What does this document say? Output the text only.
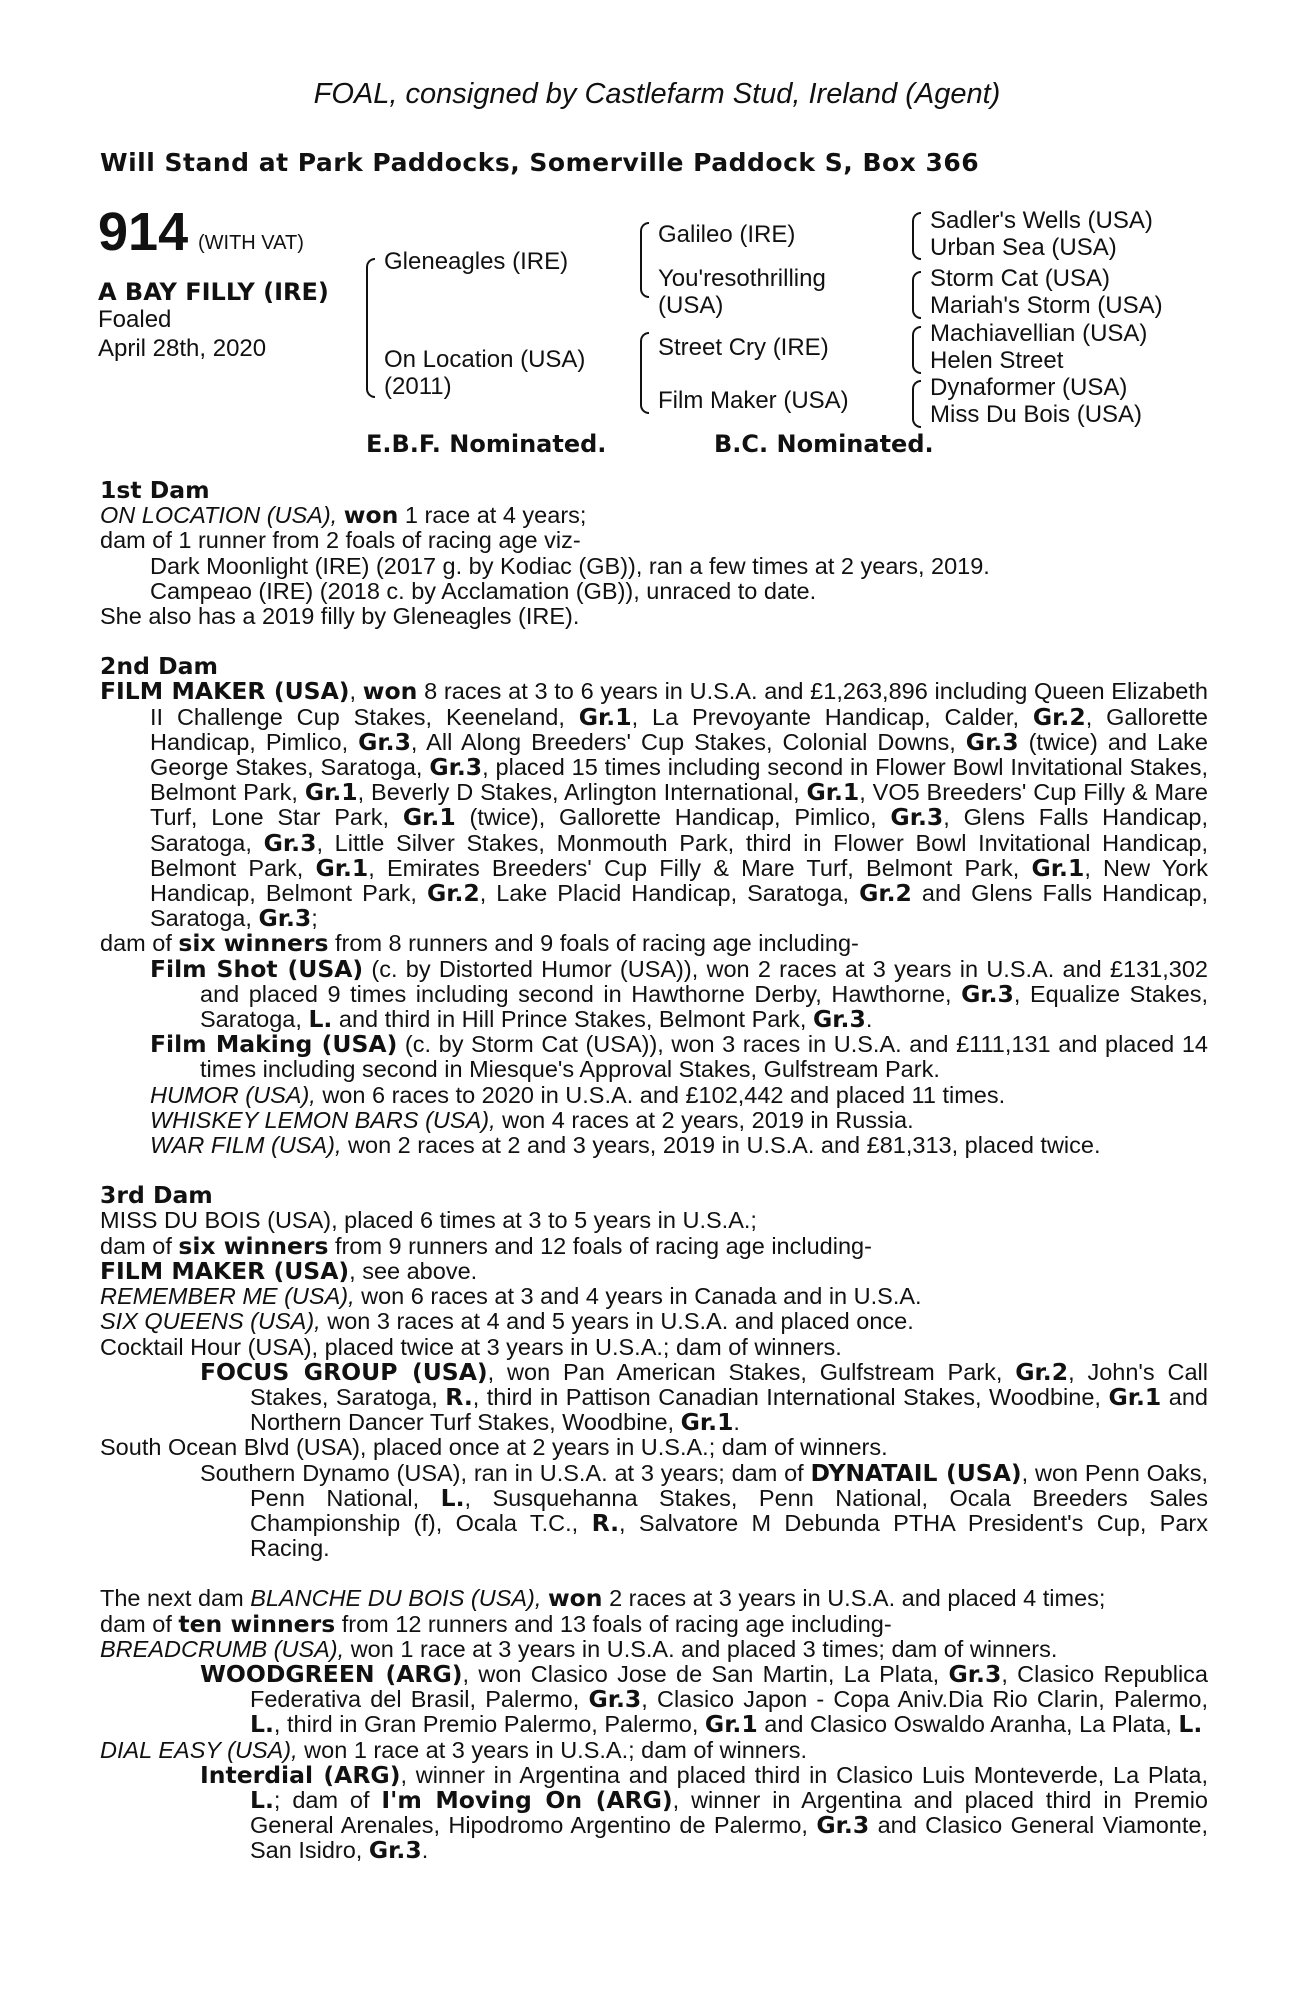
FOAL, consigned by Castlefarm Stud, Ireland (Agent)
Will Stand at Park Paddocks, Somerville Paddock S, Box 366
914 (WITH VAT)
A BAY FILLY (IRE)
Foaled
April 28th, 2020
Gleneagles (IRE)
On Location (USA)
(2011)
Galileo (IRE)
You'resothrilling
(USA)
Street Cry (IRE)
Film Maker (USA)
Sadler's Wells (USA)
Urban Sea (USA)
Storm Cat (USA)
Mariah's Storm (USA)
Machiavellian (USA)
Helen Street
Dynaformer (USA)
Miss Du Bois (USA)
E.B.F. Nominated.	B.C. Nominated.

1st Dam

ON LOCATION (USA), won 1 race at 4 years;

dam of 1 runner from 2 foals of racing age viz-

Dark Moonlight (IRE) (2017 g. by Kodiac (GB)), ran a few times at 2 years, 2019.

Campeao (IRE) (2018 c. by Acclamation (GB)), unraced to date.

She also has a 2019 filly by Gleneagles (IRE).

2nd Dam

FILM MAKER (USA), won 8 races at 3 to 6 years in U.S.A. and £1,263,896 including Queen Elizabeth II Challenge Cup Stakes, Keeneland, Gr.1, La Prevoyante Handicap, Calder, Gr.2, Gallorette Handicap, Pimlico, Gr.3, All Along Breeders' Cup Stakes, Colonial Downs, Gr.3 (twice) and Lake George Stakes, Saratoga, Gr.3, placed 15 times including second in Flower Bowl Invitational Stakes, Belmont Park, Gr.1, Beverly D Stakes, Arlington International, Gr.1, VO5 Breeders' Cup Filly & Mare Turf, Lone Star Park, Gr.1 (twice), Gallorette Handicap, Pimlico, Gr.3, Glens Falls Handicap, Saratoga, Gr.3, Little Silver Stakes, Monmouth Park, third in Flower Bowl Invitational Handicap, Belmont Park, Gr.1, Emirates Breeders' Cup Filly & Mare Turf, Belmont Park, Gr.1, New York Handicap, Belmont Park, Gr.2, Lake Placid Handicap, Saratoga, Gr.2 and Glens Falls Handicap, Saratoga, Gr.3;

dam of six winners from 8 runners and 9 foals of racing age including-

Film Shot (USA) (c. by Distorted Humor (USA)), won 2 races at 3 years in U.S.A. and £131,302 and placed 9 times including second in Hawthorne Derby, Hawthorne, Gr.3, Equalize Stakes, Saratoga, L. and third in Hill Prince Stakes, Belmont Park, Gr.3.

Film Making (USA) (c. by Storm Cat (USA)), won 3 races in U.S.A. and £111,131 and placed 14 times including second in Miesque's Approval Stakes, Gulfstream Park.

HUMOR (USA), won 6 races to 2020 in U.S.A. and £102,442 and placed 11 times.

WHISKEY LEMON BARS (USA), won 4 races at 2 years, 2019 in Russia.

WAR FILM (USA), won 2 races at 2 and 3 years, 2019 in U.S.A. and £81,313, placed twice.

3rd Dam

MISS DU BOIS (USA), placed 6 times at 3 to 5 years in U.S.A.;

dam of six winners from 9 runners and 12 foals of racing age including-

FILM MAKER (USA), see above.

REMEMBER ME (USA), won 6 races at 3 and 4 years in Canada and in U.S.A.

SIX QUEENS (USA), won 3 races at 4 and 5 years in U.S.A. and placed once.

Cocktail Hour (USA), placed twice at 3 years in U.S.A.; dam of winners.

FOCUS GROUP (USA), won Pan American Stakes, Gulfstream Park, Gr.2, John's Call Stakes, Saratoga, R., third in Pattison Canadian International Stakes, Woodbine, Gr.1 and Northern Dancer Turf Stakes, Woodbine, Gr.1.

South Ocean Blvd (USA), placed once at 2 years in U.S.A.; dam of winners.

Southern Dynamo (USA), ran in U.S.A. at 3 years; dam of DYNATAIL (USA), won Penn Oaks, Penn National, L., Susquehanna Stakes, Penn National, Ocala Breeders Sales Championship (f), Ocala T.C., R., Salvatore M Debunda PTHA President's Cup, Parx Racing.

The next dam BLANCHE DU BOIS (USA), won 2 races at 3 years in U.S.A. and placed 4 times;

dam of ten winners from 12 runners and 13 foals of racing age including-

BREADCRUMB (USA), won 1 race at 3 years in U.S.A. and placed 3 times; dam of winners.

WOODGREEN (ARG), won Clasico Jose de San Martin, La Plata, Gr.3, Clasico Republica Federativa del Brasil, Palermo, Gr.3, Clasico Japon - Copa Aniv.Dia Rio Clarin, Palermo, L., third in Gran Premio Palermo, Palermo, Gr.1 and Clasico Oswaldo Aranha, La Plata, L.

DIAL EASY (USA), won 1 race at 3 years in U.S.A.; dam of winners.

Interdial (ARG), winner in Argentina and placed third in Clasico Luis Monteverde, La Plata, L.; dam of I'm Moving On (ARG), winner in Argentina and placed third in Premio General Arenales, Hipodromo Argentino de Palermo, Gr.3 and Clasico General Viamonte, San Isidro, Gr.3.
